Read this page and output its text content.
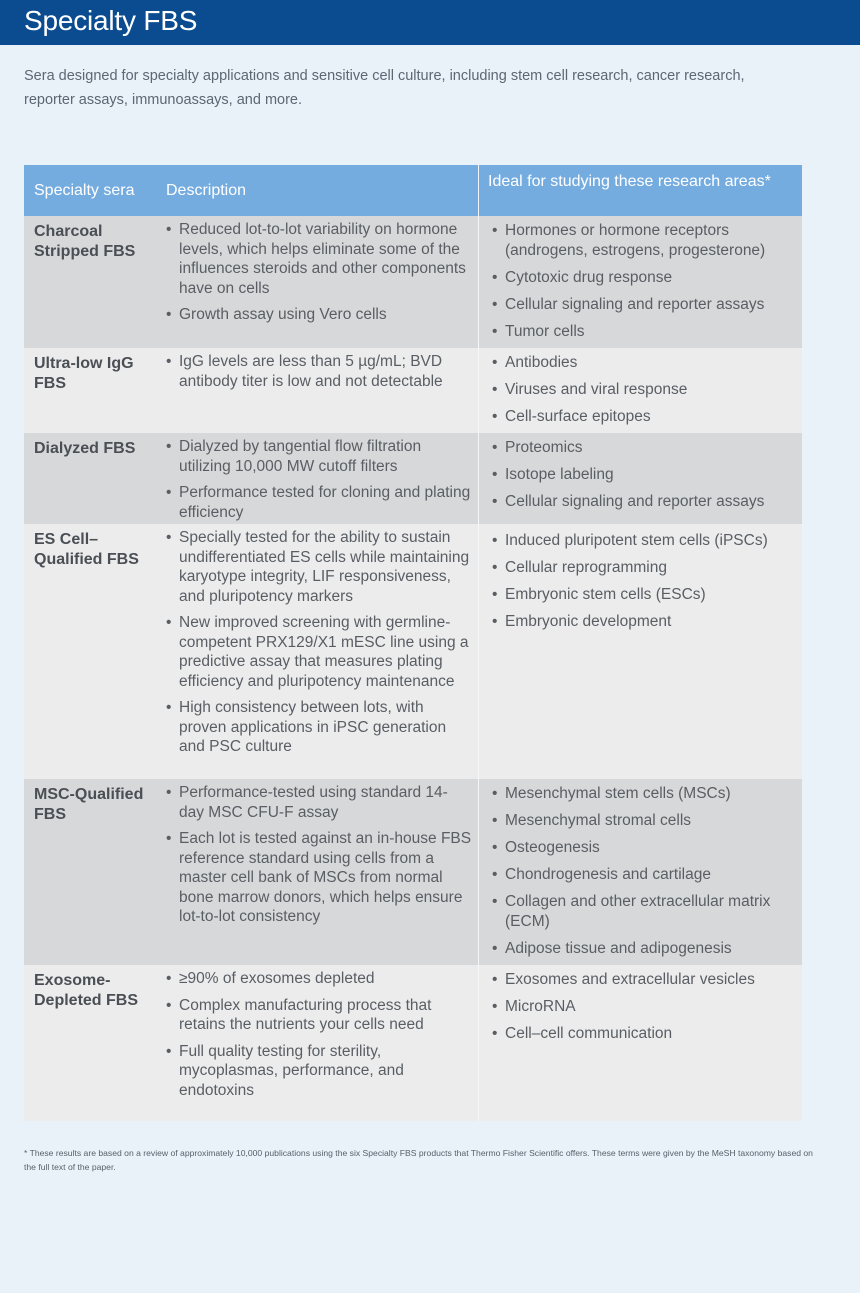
Specialty FBS

Sera designed for specialty applications and sensitive cell culture, including stem cell research, cancer research, reporter assays, immunoassays, and more.

Specialty sera	Description
Ideal for studying these research areas*
Charcoal
Stripped FBS
• Reduced lot-to-lot variability on hormone levels, which helps eliminate some of the influences steroids and other components have on cells
• Growth assay using Vero cells
• Hormones or hormone receptors (androgens, estrogens, progesterone)
• Cytotoxic drug response
• Cellular signaling and reporter assays
• Tumor cells
Ultra-low IgG
FBS
• IgG levels are less than 5 µg/mL; BVD antibody titer is low and not detectable
• Antibodies
• Viruses and viral response
• Cell-surface epitopes
Dialyzed FBS
•	Dialyzed by tangential flow filtration utilizing 10,000 MW cutoff filters
• Performance tested for cloning and plating efficiency
• Proteomics
• Isotope labeling
• Cellular signaling and reporter assays
ES Cell–
Qualified FBS
• Specially tested for the ability to sustain undifferentiated ES cells while maintaining karyotype integrity, LIF responsiveness, and pluripotency markers
• New improved screening with germline-competent PRX129/X1 mESC line using a predictive assay that measures plating efficiency and pluripotency maintenance
• High consistency between lots, with proven applications in iPSC generation and PSC culture
• Induced pluripotent stem cells (iPSCs)
• Cellular reprogramming
• Embryonic stem cells (ESCs)
• Embryonic development
MSC-Qualified
FBS
• Performance-tested using standard 14-day MSC CFU-F assay
• Each lot is tested against an in-house FBS reference standard using cells from a master cell bank of MSCs from normal bone marrow donors, which helps ensure lot-to-lot consistency
• Mesenchymal stem cells (MSCs)
• Mesenchymal stromal cells
• Osteogenesis
• Chondrogenesis and cartilage
• Collagen and other extracellular matrix (ECM)
• Adipose tissue and adipogenesis
Exosome-
Depleted FBS
• ≥90% of exosomes depleted
• Complex manufacturing process that retains the nutrients your cells need
• Full quality testing for sterility, mycoplasmas, performance, and endotoxins
• Exosomes and extracellular vesicles
• MicroRNA
• Cell–cell communication

* These results are based on a review of approximately 10,000 publications using the six Specialty FBS products that Thermo Fisher Scientific offers. These terms were given by the MeSH taxonomy based on the full text of the paper.
